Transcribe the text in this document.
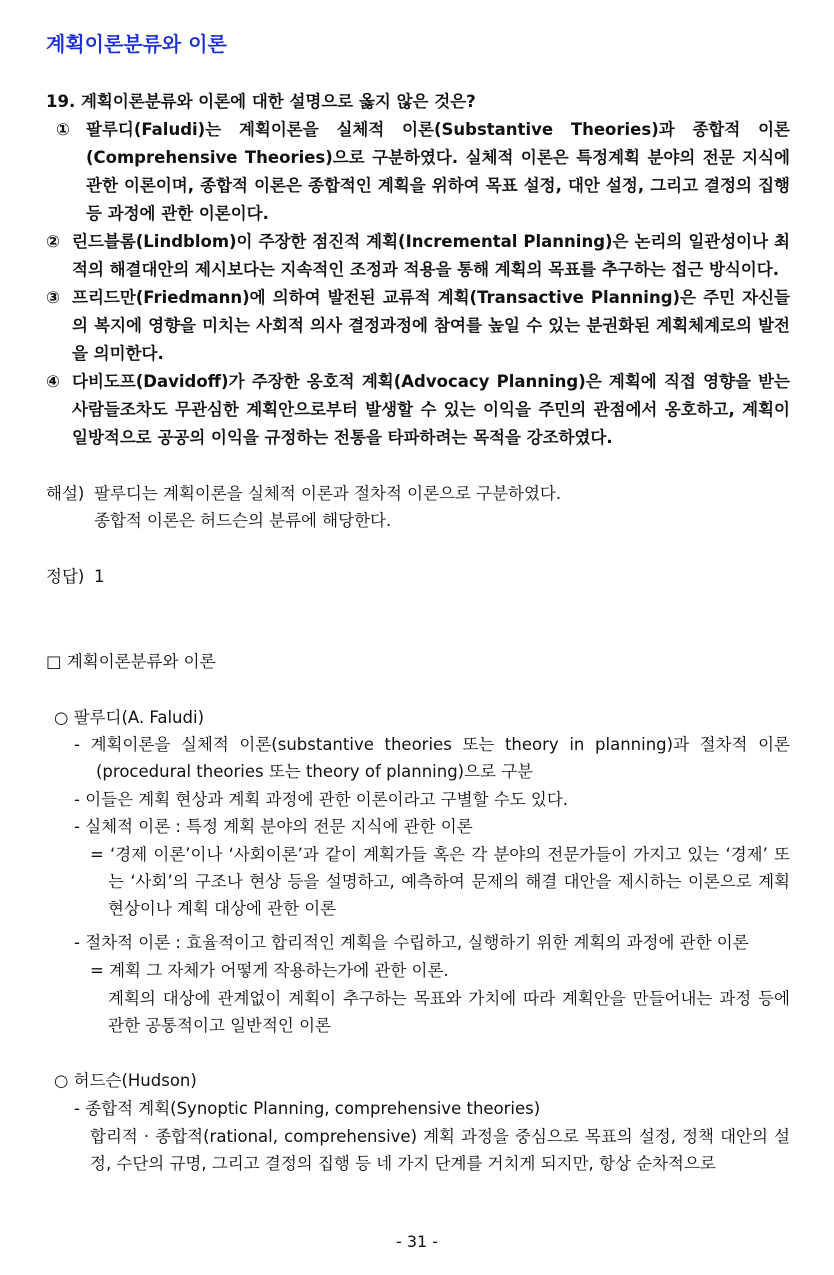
계획이론분류와 이론
19. 계획이론분류와 이론에 대한 설명으로 옳지 않은 것은?
① 팔루디(Faludi)는 계획이론을 실체적 이론(Substantive Theories)과 종합적 이론(Comprehensive Theories)으로 구분하였다. 실체적 이론은 특정계획 분야의 전문 지식에 관한 이론이며, 종합적 이론은 종합적인 계획을 위하여 목표 설정, 대안 설정, 그리고 결정의 집행 등 과정에 관한 이론이다.
② 린드블롬(Lindblom)이 주장한 점진적 계획(Incremental Planning)은 논리의 일관성이나 최적의 해결대안의 제시보다는 지속적인 조정과 적용을 통해 계획의 목표를 추구하는 접근 방식이다.
③ 프리드만(Friedmann)에 의하여 발전된 교류적 계획(Transactive Planning)은 주민 자신들의 복지에 영향을 미치는 사회적 의사 결정과정에 참여를 높일 수 있는 분권화된 계획체계로의 발전을 의미한다.
④ 다비도프(Davidoff)가 주장한 옹호적 계획(Advocacy Planning)은 계획에 직접 영향을 받는 사람들조차도 무관심한 계획안으로부터 발생할 수 있는 이익을 주민의 관점에서 옹호하고, 계획이 일방적으로 공공의 이익을 규정하는 전통을 타파하려는 목적을 강조하였다.
해설) 팔루디는 계획이론을 실체적 이론과 절차적 이론으로 구분하였다.
종합적 이론은 허드슨의 분류에 해당한다.
정답) 1
□ 계획이론분류와 이론
○ 팔루디(A. Faludi)
- 계획이론을 실체적 이론(substantive theories 또는 theory in planning)과 절차적 이론(procedural theories 또는 theory of planning)으로 구분
- 이들은 계획 현상과 계획 과정에 관한 이론이라고 구별할 수도 있다.
- 실체적 이론 : 특정 계획 분야의 전문 지식에 관한 이론
= ‘경제 이론’이나 ‘사회이론’과 같이 계획가들 혹은 각 분야의 전문가들이 가지고 있는 ‘경제’ 또는 ‘사회’의 구조나 현상 등을 설명하고, 예측하여 문제의 해결 대안을 제시하는 이론으로 계획 현상이나 계획 대상에 관한 이론
- 절차적 이론 : 효율적이고 합리적인 계획을 수립하고, 실행하기 위한 계획의 과정에 관한 이론
= 계획 그 자체가 어떻게 작용하는가에 관한 이론.
계획의 대상에 관계없이 계획이 추구하는 목표와 가치에 따라 계획안을 만들어내는 과정 등에 관한 공통적이고 일반적인 이론
○ 허드슨(Hudson)
- 종합적 계획(Synoptic Planning, comprehensive theories)
합리적 · 종합적(rational, comprehensive) 계획 과정을 중심으로 목표의 설정, 정책 대안의 설정, 수단의 규명, 그리고 결정의 집행 등 네 가지 단계를 거치게 되지만, 항상 순차적으로
- 31 -
